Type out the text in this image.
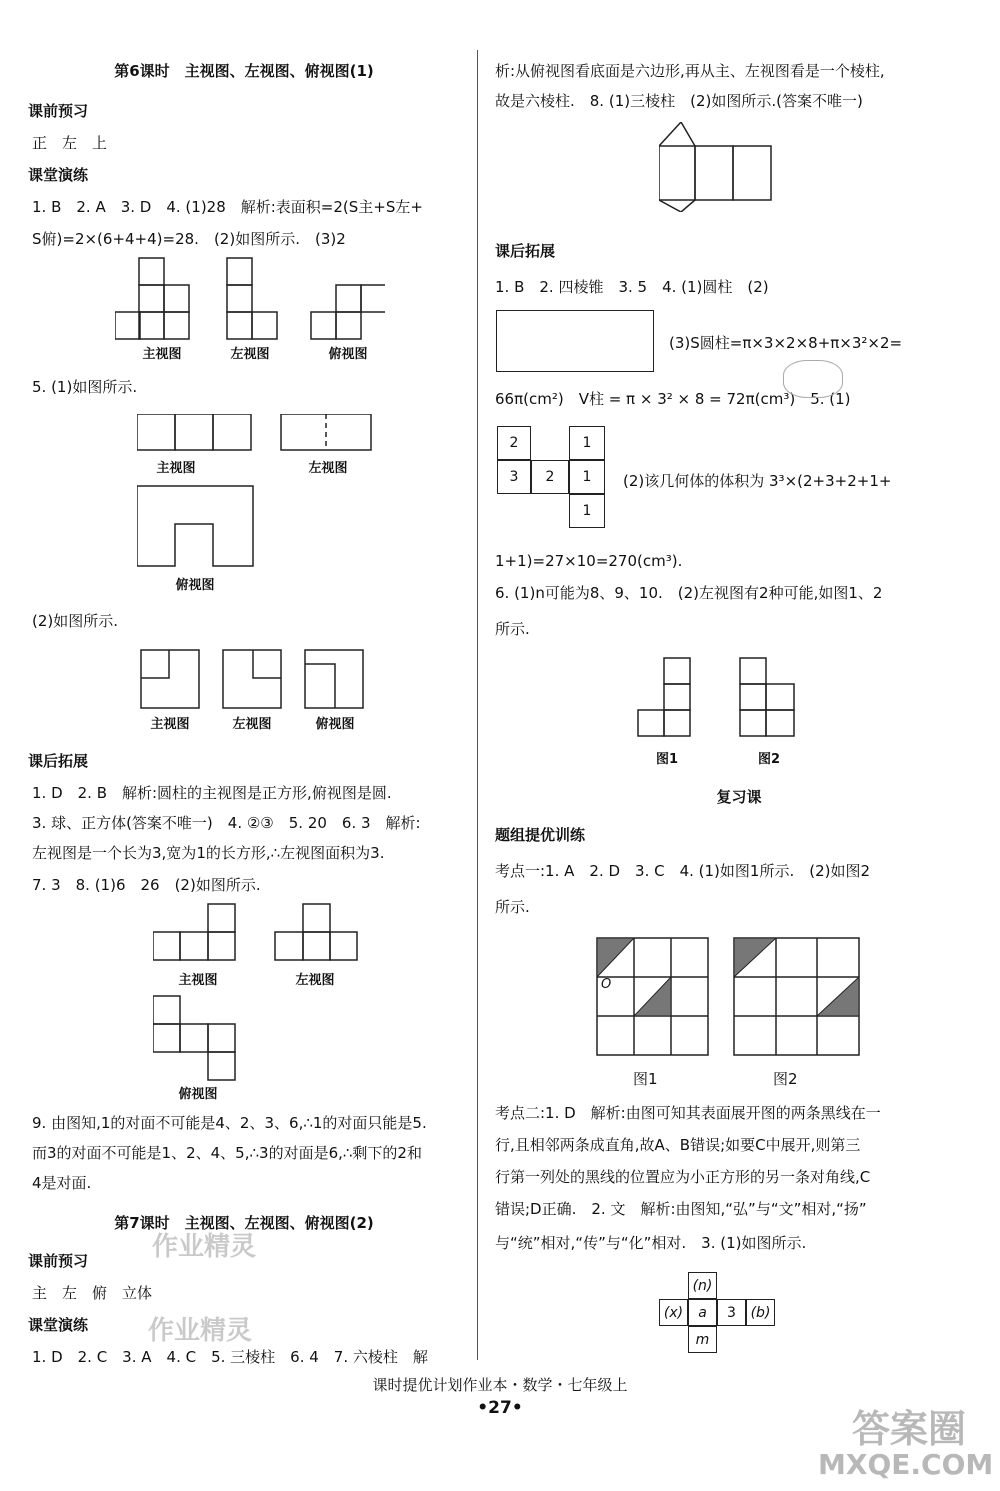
第6课时　主视图、左视图、俯视图(1)
课前预习
正　左　上
课堂演练
1. B　2. A　3. D　4. (1)28　解析:表面积=2(S主+S左+
S俯)=2×(6+4+4)=28.　(2)如图所示.　(3)2
主视图	左视图	俯视图
5. (1)如图所示.
主视图	左视图
俯视图
(2)如图所示.
主视图	左视图	俯视图
课后拓展
1. D　2. B　解析:圆柱的主视图是正方形,俯视图是圆.
3. 球、正方体(答案不唯一)　4. ②③　5. 20　6. 3　解析:
左视图是一个长为3,宽为1的长方形,∴左视图面积为3.
7. 3　8. (1)6　26　(2)如图所示.
主视图	左视图
俯视图
9. 由图知,1的对面不可能是4、2、3、6,∴1的对面只能是5.
而3的对面不可能是1、2、4、5,∴3的对面是6,∴剩下的2和
4是对面.
第7课时　主视图、左视图、俯视图(2)
课前预习
主　左　俯　立体
课堂演练
1. D　2. C　3. A　4. C　5. 三棱柱　6. 4　7. 六棱柱　解
析:从俯视图看底面是六边形,再从主、左视图看是一个棱柱,
故是六棱柱.　8. (1)三棱柱　(2)如图所示.(答案不唯一)
课后拓展
1. B　2. 四棱锥　3. 5　4. (1)圆柱　(2)
(3)S圆柱=π×3×2×8+π×3²×2=
66π(cm²)　V柱 = π × 3² × 8 = 72π(cm³)　5. (1)
2
3	2
1
1
1
(2)该几何体的体积为 3³×(2+3+2+1+
1+1)=27×10=270(cm³).
6. (1)n可能为8、9、10.　(2)左视图有2种可能,如图1、2
所示.
图1	图2
复习课
题组提优训练
考点一:1. A　2. D　3. C　4. (1)如图1所示.　(2)如图2
所示.
O
图1	图2
考点二:1. D　解析:由图可知其表面展开图的两条黑线在一
行,且相邻两条成直角,故A、B错误;如要C中展开,则第三
行第一列处的黑线的位置应为小正方形的另一条对角线,C
错误;D正确.　2. 文　解析:由图知,“弘”与“文”相对,“扬”
与“统”相对,“传”与“化”相对.　3. (1)如图所示.
(n)
(x)	a	3	(b)
m
作业精灵
作业精灵
课时提优计划作业本・数学・七年级上
•27•	答案圈
MXQE.COM
